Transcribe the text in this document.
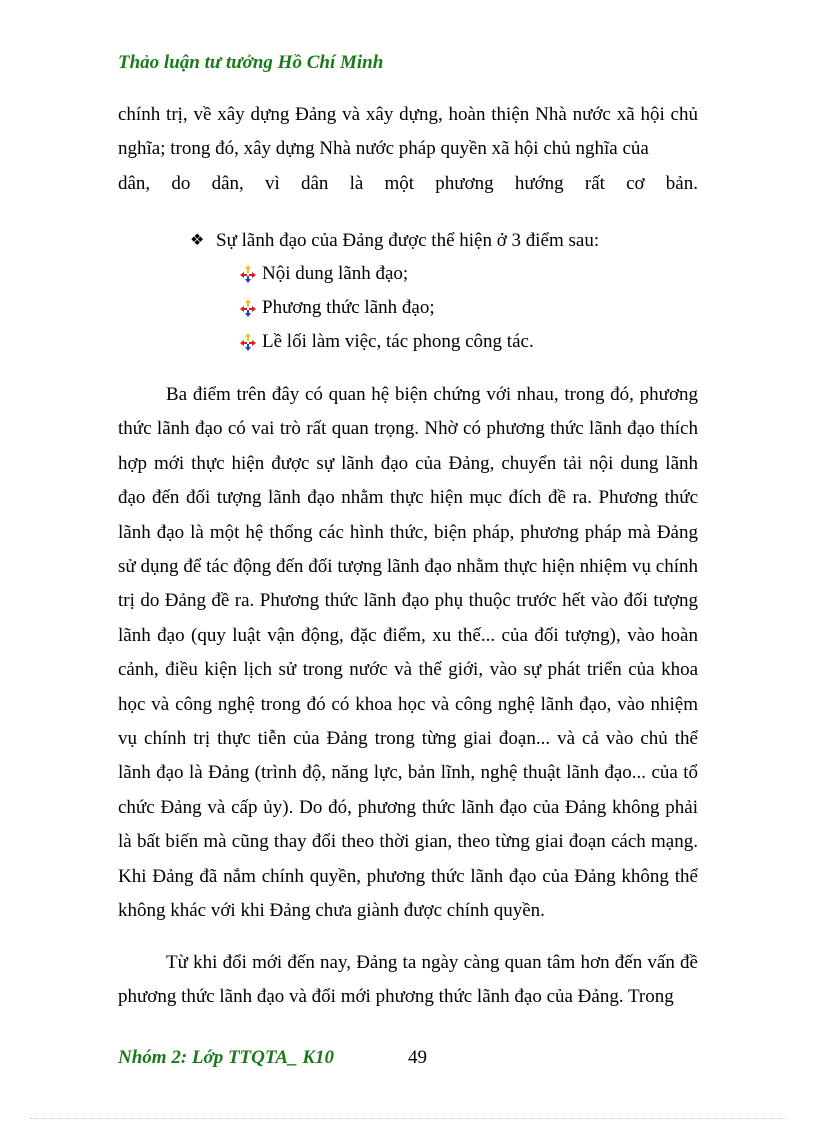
Thảo luận tư tưởng Hồ Chí Minh

chính trị, về xây dựng Đảng và xây dựng, hoàn thiện Nhà nước xã hội chủ nghĩa; trong đó, xây dựng Nhà nước pháp quyền xã hội chủ nghĩa của
dân, do dân, vì dân là một phương hướng rất cơ bản.

❖ Sự lãnh đạo của Đảng được thể hiện ở 3 điểm sau:
Nội dung lãnh đạo;
Phương thức lãnh đạo;
Lề lối làm việc, tác phong công tác.

Ba điểm trên đây có quan hệ biện chứng với nhau, trong đó, phương thức lãnh đạo có vai trò rất quan trọng. Nhờ có phương thức lãnh đạo thích hợp mới thực hiện được sự lãnh đạo của Đảng, chuyển tải nội dung lãnh đạo đến đối tượng lãnh đạo nhằm thực hiện mục đích đề ra. Phương thức lãnh đạo là một hệ thống các hình thức, biện pháp, phương pháp mà Đảng sử dụng để tác động đến đối tượng lãnh đạo nhằm thực hiện nhiệm vụ chính trị do Đảng đề ra. Phương thức lãnh đạo phụ thuộc trước hết vào đối tượng lãnh đạo (quy luật vận động, đặc điểm, xu thế... của đối tượng), vào hoàn cảnh, điều kiện lịch sử trong nước và thế giới, vào sự phát triển của khoa học và công nghệ trong đó có khoa học và công nghệ lãnh đạo, vào nhiệm vụ chính trị thực tiễn của Đảng trong từng giai đoạn... và cả vào chủ thể lãnh đạo là Đảng (trình độ, năng lực, bản lĩnh, nghệ thuật lãnh đạo... của tổ chức Đảng và cấp ủy). Do đó, phương thức lãnh đạo của Đảng không phải là bất biến mà cũng thay đổi theo thời gian, theo từng giai đoạn cách mạng. Khi Đảng đã nắm chính quyền, phương thức lãnh đạo của Đảng không thể không khác với khi Đảng chưa giành được chính quyền.

Từ khi đổi mới đến nay, Đảng ta ngày càng quan tâm hơn đến vấn đề phương thức lãnh đạo và đổi mới phương thức lãnh đạo của Đảng. Trong

Nhóm 2: Lớp TTQTA_ K10	49
